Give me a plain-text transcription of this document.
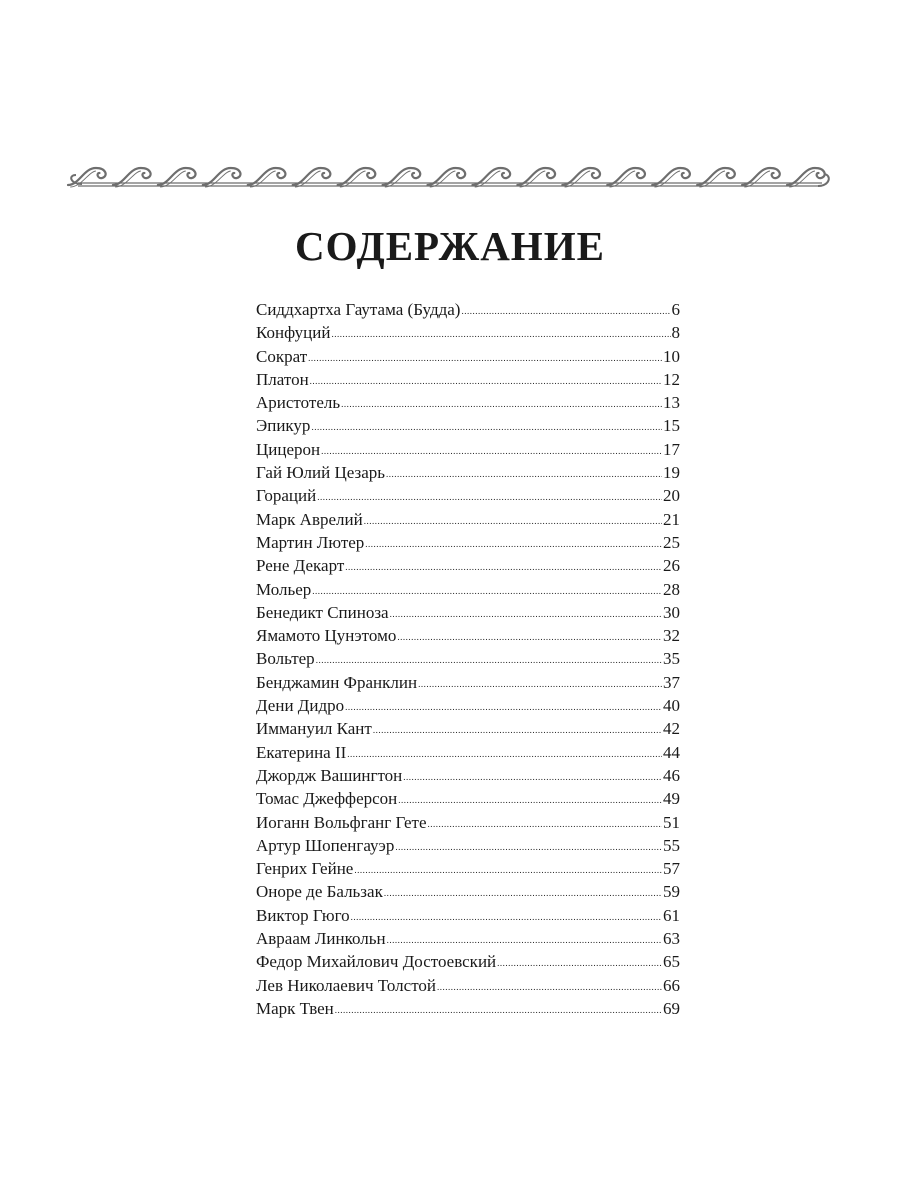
СОДЕРЖАНИЕ
Сиддхартха Гаутама (Будда) .....	6
Конфуций .....	8
Сократ .....	10
Платон .....	12
Аристотель .....	13
Эпикур .....	15
Цицерон .....	17
Гай Юлий Цезарь .....	19
Гораций .....	20
Марк Аврелий .....	21
Мартин Лютер .....	25
Рене Декарт .....	26
Мольер .....	28
Бенедикт Спиноза .....	30
Ямамото Цунэтомо .....	32
Вольтер .....	35
Бенджамин Франклин .....	37
Дени Дидро .....	40
Иммануил Кант .....	42
Екатерина II .....	44
Джордж Вашингтон .....	46
Томас Джефферсон .....	49
Иоганн Вольфганг Гете .....	51
Артур Шопенгауэр .....	55
Генрих Гейне .....	57
Оноре де Бальзак .....	59
Виктор Гюго .....	61
Авраам Линкольн .....	63
Федор Михайлович Достоевский .....	65
Лев Николаевич Толстой .....	66
Марк Твен .....	69
